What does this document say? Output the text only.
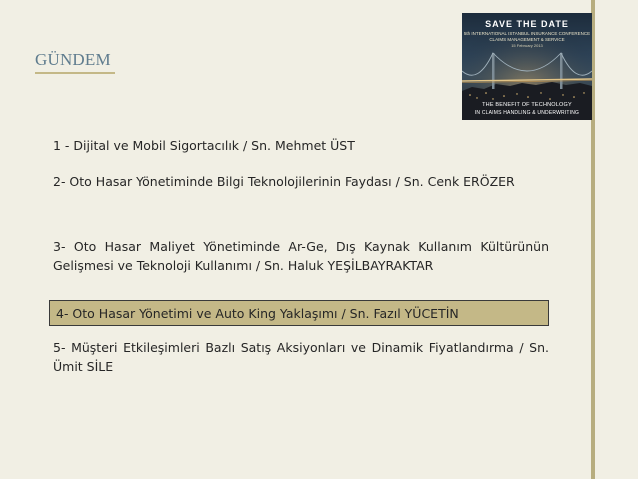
GÜNDEM
SAVE THE DATE
5th INTERNATIONAL ISTANBUL INSURANCE CONFERENCE
CLAIMS MANAGEMENT & SERVICE
15 February 2013
THE BENEFIT OF TECHNOLOGY
IN CLAIMS HANDLING & UNDERWRITING

1 - Dijital ve Mobil Sigortacılık / Sn. Mehmet ÜST

2- Oto Hasar Yönetiminde Bilgi Teknolojilerinin Faydası / Sn. Cenk ERÖZER

3- Oto Hasar Maliyet Yönetiminde Ar-Ge, Dış Kaynak Kullanım Kültürünün Gelişmesi ve Teknoloji Kullanımı / Sn. Haluk YEŞİLBAYRAKTAR

4- Oto Hasar Yönetimi ve Auto King Yaklaşımı / Sn. Fazıl YÜCETİN

5- Müşteri Etkileşimleri Bazlı Satış Aksiyonları ve Dinamik Fiyatlandırma / Sn. Ümit SİLE
